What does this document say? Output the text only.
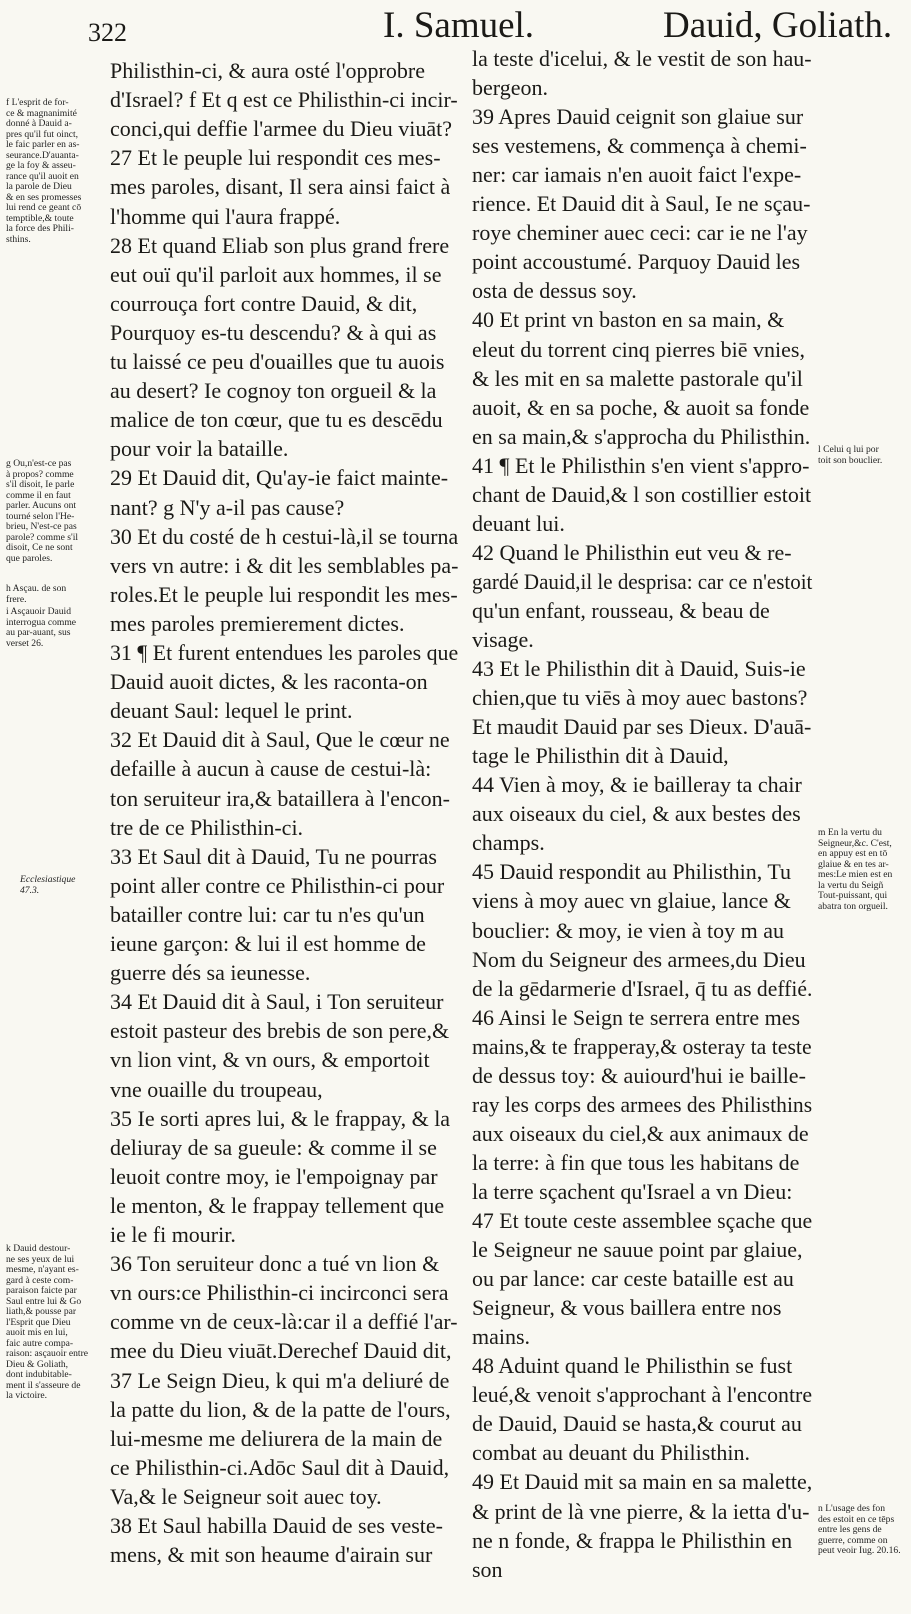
322	I. Samuel.	Dauid, Goliath.
Philisthin-ci, & aura osté l'opprobre
d'Israel? f Et q est ce Philisthin-ci incir-
conci,qui deffie l'armee du Dieu viuāt?
27 Et le peuple lui respondit ces mes-
mes paroles, disant, Il sera ainsi faict à
l'homme qui l'aura frappé.
28 Et quand Eliab son plus grand frere
eut ouï qu'il parloit aux hommes, il se
courrouça fort contre Dauid, & dit,
Pourquoy es-tu descendu? & à qui as
tu laissé ce peu d'ouailles que tu auois
au desert? Ie cognoy ton orgueil & la
malice de ton cœur, que tu es descēdu
pour voir la bataille.
29 Et Dauid dit, Qu'ay-ie faict mainte-
nant? g N'y a-il pas cause?
30 Et du costé de h cestui-là,il se tourna
vers vn autre: i & dit les semblables pa-
roles.Et le peuple lui respondit les mes-
mes paroles premierement dictes.
31 ¶ Et furent entendues les paroles que
Dauid auoit dictes, & les raconta-on
deuant Saul: lequel le print.
32 Et Dauid dit à Saul, Que le cœur ne
defaille à aucun à cause de cestui-là:
ton seruiteur ira,& bataillera à l'encon-
tre de ce Philisthin-ci.
33 Et Saul dit à Dauid, Tu ne pourras
point aller contre ce Philisthin-ci pour
batailler contre lui: car tu n'es qu'un
ieune garçon: & lui il est homme de
guerre dés sa ieunesse.
34 Et Dauid dit à Saul, i Ton seruiteur
estoit pasteur des brebis de son pere,&
vn lion vint, & vn ours, & emportoit
vne ouaille du troupeau,
35 Ie sorti apres lui, & le frappay, & la
deliuray de sa gueule: & comme il se
leuoit contre moy, ie l'empoignay par
le menton, & le frappay tellement que
ie le fi mourir.
36 Ton seruiteur donc a tué vn lion &
vn ours:ce Philisthin-ci incirconci sera
comme vn de ceux-là:car il a deffié l'ar-
mee du Dieu viuāt.Derechef Dauid dit,
37 Le Seign Dieu, k qui m'a deliuré de
la patte du lion, & de la patte de l'ours,
lui-mesme me deliurera de la main de
ce Philisthin-ci.Adōc Saul dit à Dauid,
Va,& le Seigneur soit auec toy.
38 Et Saul habilla Dauid de ses veste-
mens, & mit son heaume d'airain sur
la teste d'icelui, & le vestit de son hau-
bergeon.
39 Apres Dauid ceignit son glaiue sur
ses vestemens, & commença à chemi-
ner: car iamais n'en auoit faict l'expe-
rience. Et Dauid dit à Saul, Ie ne sçau-
roye cheminer auec ceci: car ie ne l'ay
point accoustumé. Parquoy Dauid les
osta de dessus soy.
40 Et print vn baston en sa main, &
eleut du torrent cinq pierres biē vnies,
& les mit en sa malette pastorale qu'il
auoit, & en sa poche, & auoit sa fonde
en sa main,& s'approcha du Philisthin.
41 ¶ Et le Philisthin s'en vient s'appro-
chant de Dauid,& l son costillier estoit
deuant lui.
42 Quand le Philisthin eut veu & re-
gardé Dauid,il le desprisa: car ce n'estoit
qu'un enfant, rousseau, & beau de
visage.
43 Et le Philisthin dit à Dauid, Suis-ie
chien,que tu viēs à moy auec bastons?
Et maudit Dauid par ses Dieux. D'auā-
tage le Philisthin dit à Dauid,
44 Vien à moy, & ie bailleray ta chair
aux oiseaux du ciel, & aux bestes des
champs.
45 Dauid respondit au Philisthin, Tu
viens à moy auec vn glaiue, lance &
bouclier: & moy, ie vien à toy m au
Nom du Seigneur des armees,du Dieu
de la gēdarmerie d'Israel, q̄ tu as deffié.
46 Ainsi le Seign te serrera entre mes
mains,& te frapperay,& osteray ta teste
de dessus toy: & auiourd'hui ie baille-
ray les corps des armees des Philisthins
aux oiseaux du ciel,& aux animaux de
la terre: à fin que tous les habitans de
la terre sçachent qu'Israel a vn Dieu:
47 Et toute ceste assemblee sçache que
le Seigneur ne sauue point par glaiue,
ou par lance: car ceste bataille est au
Seigneur, & vous baillera entre nos
mains.
48 Aduint quand le Philisthin se fust
leué,& venoit s'approchant à l'encontre
de Dauid, Dauid se hasta,& courut au
combat au deuant du Philisthin.
49 Et Dauid mit sa main en sa malette,
& print de là vne pierre, & la ietta d'u-
ne n fonde, & frappa le Philisthin en
son
f L'esprit de for-
ce & magnanimité
donné à Dauid a-
pres qu'il fut oinct,
le faic parler en as-
seurance.D'auanta-
ge la foy & asseu-
rance qu'il auoit en
la parole de Dieu
& en ses promesses
lui rend ce geant cō
temptible,& toute
la force des Phili-
sthins.
g Ou,n'est-ce pas
à propos? comme
s'il disoit, Ie parle
comme il en faut
parler. Aucuns ont
tourné selon l'He-
brieu, N'est-ce pas
parole? comme s'il
disoit, Ce ne sont
que paroles.
h Asçau. de son
frere.
i Asçauoir Dauid
interrogua comme
au par-auant, sus
verset 26.
Ecclesiastique
47.3.
k Dauid destour-
ne ses yeux de lui
mesme, n'ayant es-
gard à ceste com-
paraison faicte par
Saul entre lui & Go
liath,& pousse par
l'Esprit que Dieu
auoit mis en lui,
faic autre compa-
raison: asçauoir entre
Dieu & Goliath,
dont indubitable-
ment il s'asseure de
la victoire.
l Celui q lui por
toit son bouclier.
m En la vertu du
Seigneur,&c. C'est,
en appuy est en tō
glaiue & en tes ar-
mes:Le mien est en
la vertu du Seigñ
Tout-puissant, qui
abatra ton orgueil.
n L'usage des fon
des estoit en ce tēps
entre les gens de
guerre, comme on
peut veoir Iug. 20.16.
